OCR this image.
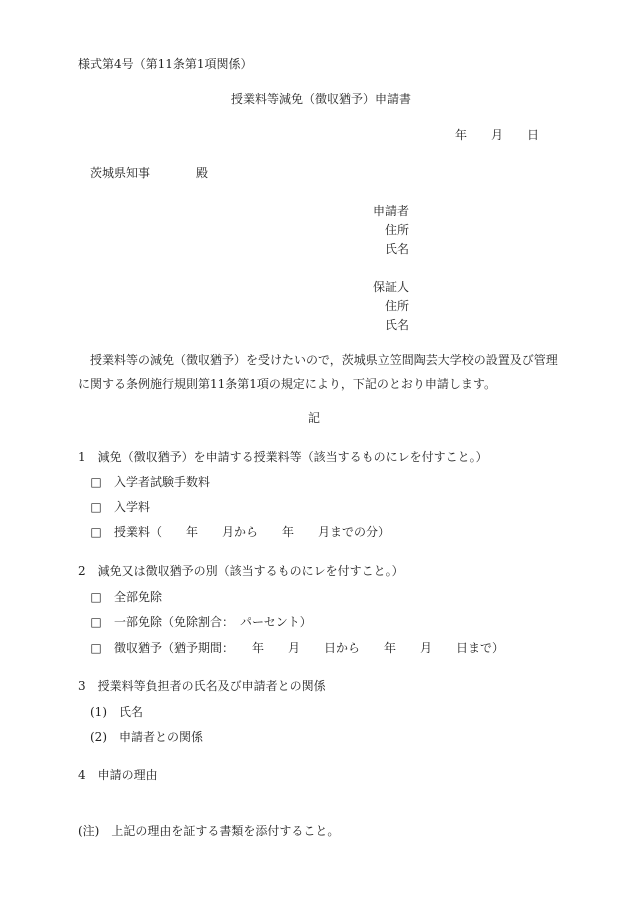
様式第4号（第11条第1項関係）
授業料等減免（徴収猶予）申請書
年 月 日
茨城県知事	殿
申請者
住所
氏名
保証人
住所
氏名
授業料等の減免（徴収猶予）を受けたいので，茨城県立笠間陶芸大学校の設置及び管理に関する条例施行規則第11条第1項の規定により，下記のとおり申請します。
記
1　減免（徴収猶予）を申請する授業料等（該当するものにレを付すこと。）
□　 入学者試験手数料
□　 入学料
□　 授業料（　　年　　月から　　年　　月までの分）
2　減免又は徴収猶予の別（該当するものにレを付すこと。）
□　 全部免除
□　 一部免除（免除割合：　パーセント）
□　 徴収猶予（猶予期間：　　年　　月　　日から　　年　　月　　日まで）
3　授業料等負担者の氏名及び申請者との関係
(1)　 氏名
(2)　 申請者との関係
4　申請の理由
(注)　 上記の理由を証する書類を添付すること。
